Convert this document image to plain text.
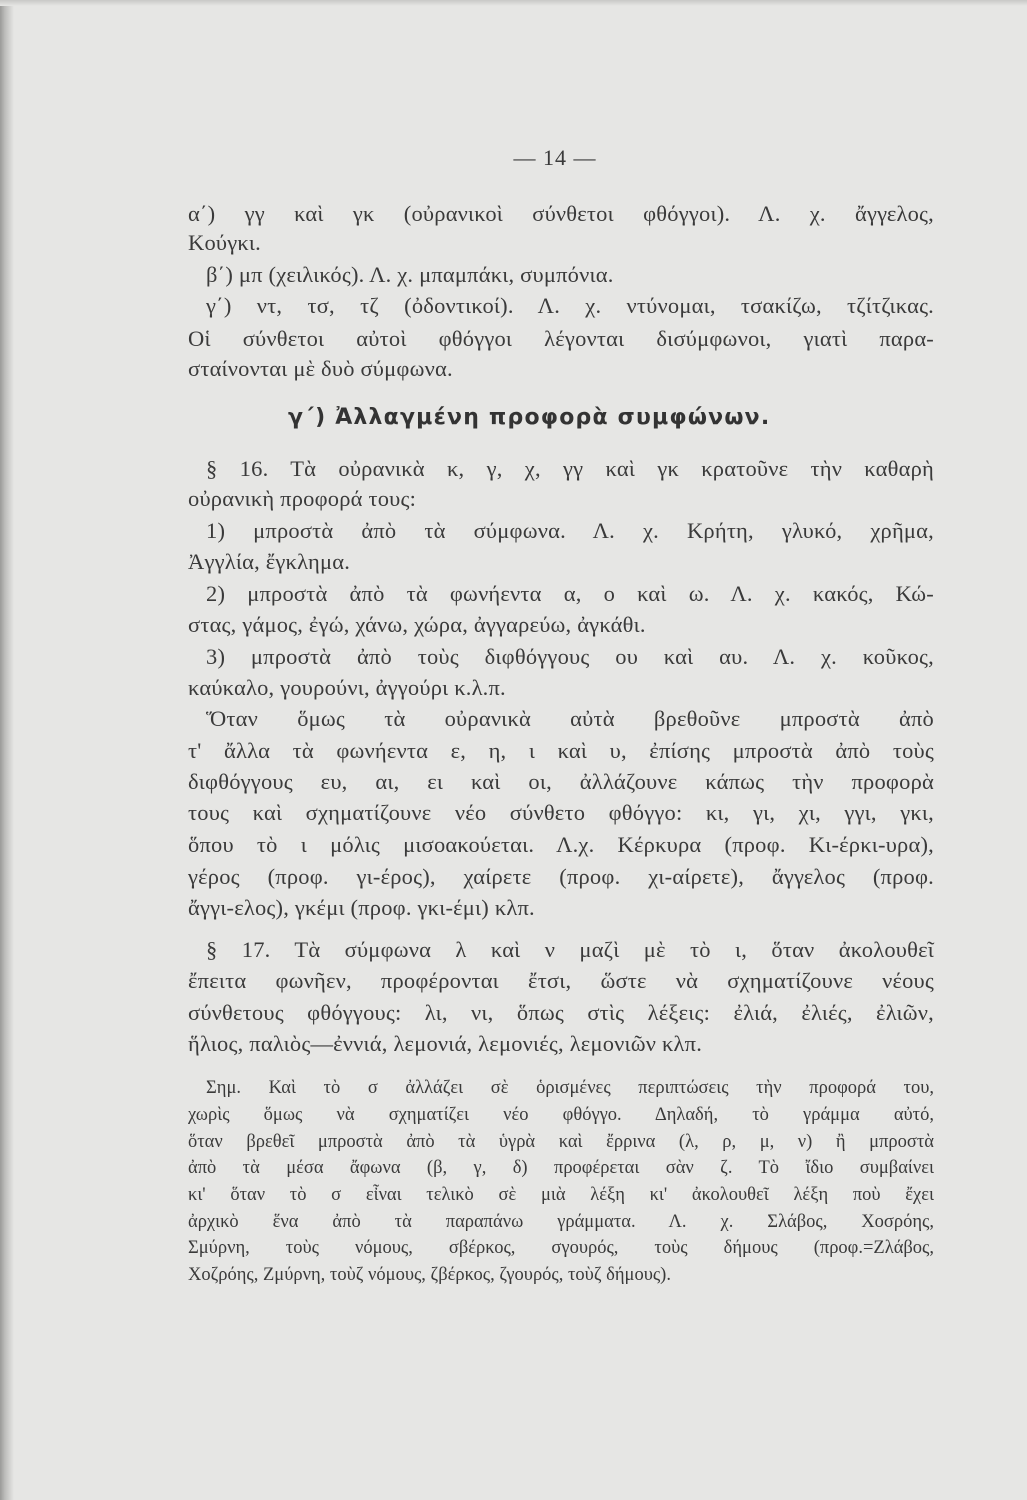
— 14 —
α΄) γγ καὶ γκ (οὐρανικοὶ σύνθετοι φθόγγοι). Λ. χ. ἄγγελος,
Κούγκι.
β΄) μπ (χειλικός). Λ. χ. μπαμπάκι, συμπόνια.
γ΄) ντ, τσ, τζ (ὀδοντικοί). Λ. χ. ντύνομαι, τσακίζω, τζίτζικας.
Οἱ σύνθετοι αὐτοὶ φθόγγοι λέγονται δισύμφωνοι, γιατὶ παρα-
σταίνονται μὲ δυὸ σύμφωνα.
γ΄) Ἀλλαγμένη προφορὰ συμφώνων.
§ 16. Τὰ οὐρανικὰ κ, γ, χ, γγ καὶ γκ κρατοῦνε τὴν καθαρὴ
οὐρανικὴ προφορά τους:
1) μπροστὰ ἀπὸ τὰ σύμφωνα. Λ. χ. Κρήτη, γλυκό, χρῆμα,
Ἀγγλία, ἔγκλημα.
2) μπροστὰ ἀπὸ τὰ φωνήεντα α, ο καὶ ω. Λ. χ. κακός, Κώ-
στας, γάμος, ἐγώ, χάνω, χώρα, ἀγγαρεύω, ἀγκάθι.
3) μπροστὰ ἀπὸ τοὺς διφθόγγους ου καὶ αυ. Λ. χ. κοῦκος,
καύκαλο, γουρούνι, ἀγγούρι κ.λ.π.
Ὅταν ὅμως τὰ οὐρανικὰ αὐτὰ βρεθοῦνε μπροστὰ ἀπὸ
τ' ἄλλα τὰ φωνήεντα ε, η, ι καὶ υ, ἐπίσης μπροστὰ ἀπὸ τοὺς
διφθόγγους ευ, αι, ει καὶ οι, ἀλλάζουνε κάπως τὴν προφορὰ
τους καὶ σχηματίζουνε νέο σύνθετο φθόγγο: κι, γι, χι, γγι, γκι,
ὅπου τὸ ι μόλις μισοακούεται. Λ.χ. Κέρκυρα (προφ. Κι-έρκι-υρα),
γέρος (προφ. γι-έρος), χαίρετε (προφ. χι-αίρετε), ἄγγελος (προφ.
ἄγγι-ελος), γκέμι (προφ. γκι-έμι) κλπ.
§ 17. Τὰ σύμφωνα λ καὶ ν μαζὶ μὲ τὸ ι, ὅταν ἀκολουθεῖ
ἔπειτα φωνῆεν, προφέρονται ἔτσι, ὥστε νὰ σχηματίζουνε νέους
σύνθετους φθόγγους: λι, νι, ὅπως στὶς λέξεις: ἐλιά, ἐλιές, ἐλιῶν,
ἥλιος, παλιὸς—ἐννιά, λεμονιά, λεμονιές, λεμονιῶν κλπ.
Σημ. Καὶ τὸ σ ἀλλάζει σὲ ὁρισμένες περιπτώσεις τὴν προφορά του,
χωρὶς ὅμως νὰ σχηματίζει νέο φθόγγο. Δηλαδή, τὸ γράμμα αὐτό,
ὅταν βρεθεῖ μπροστὰ ἀπὸ τὰ ὑγρὰ καὶ ἔρρινα (λ, ρ, μ, ν) ἢ μπροστὰ
ἀπὸ τὰ μέσα ἄφωνα (β, γ, δ) προφέρεται σὰν ζ. Τὸ ἴδιο συμβαίνει
κι' ὅταν τὸ σ εἶναι τελικὸ σὲ μιὰ λέξη κι' ἀκολουθεῖ λέξη ποὺ ἔχει
ἀρχικὸ ἕνα ἀπὸ τὰ παραπάνω γράμματα. Λ. χ. Σλάβος, Χοσρόης,
Σμύρνη, τοὺς νόμους, σβέρκος, σγουρός, τοὺς δήμους (προφ.=Ζλάβος,
Χοζρόης, Ζμύρνη, τοὺζ νόμους, ζβέρκος, ζγουρός, τοὺζ δήμους).
